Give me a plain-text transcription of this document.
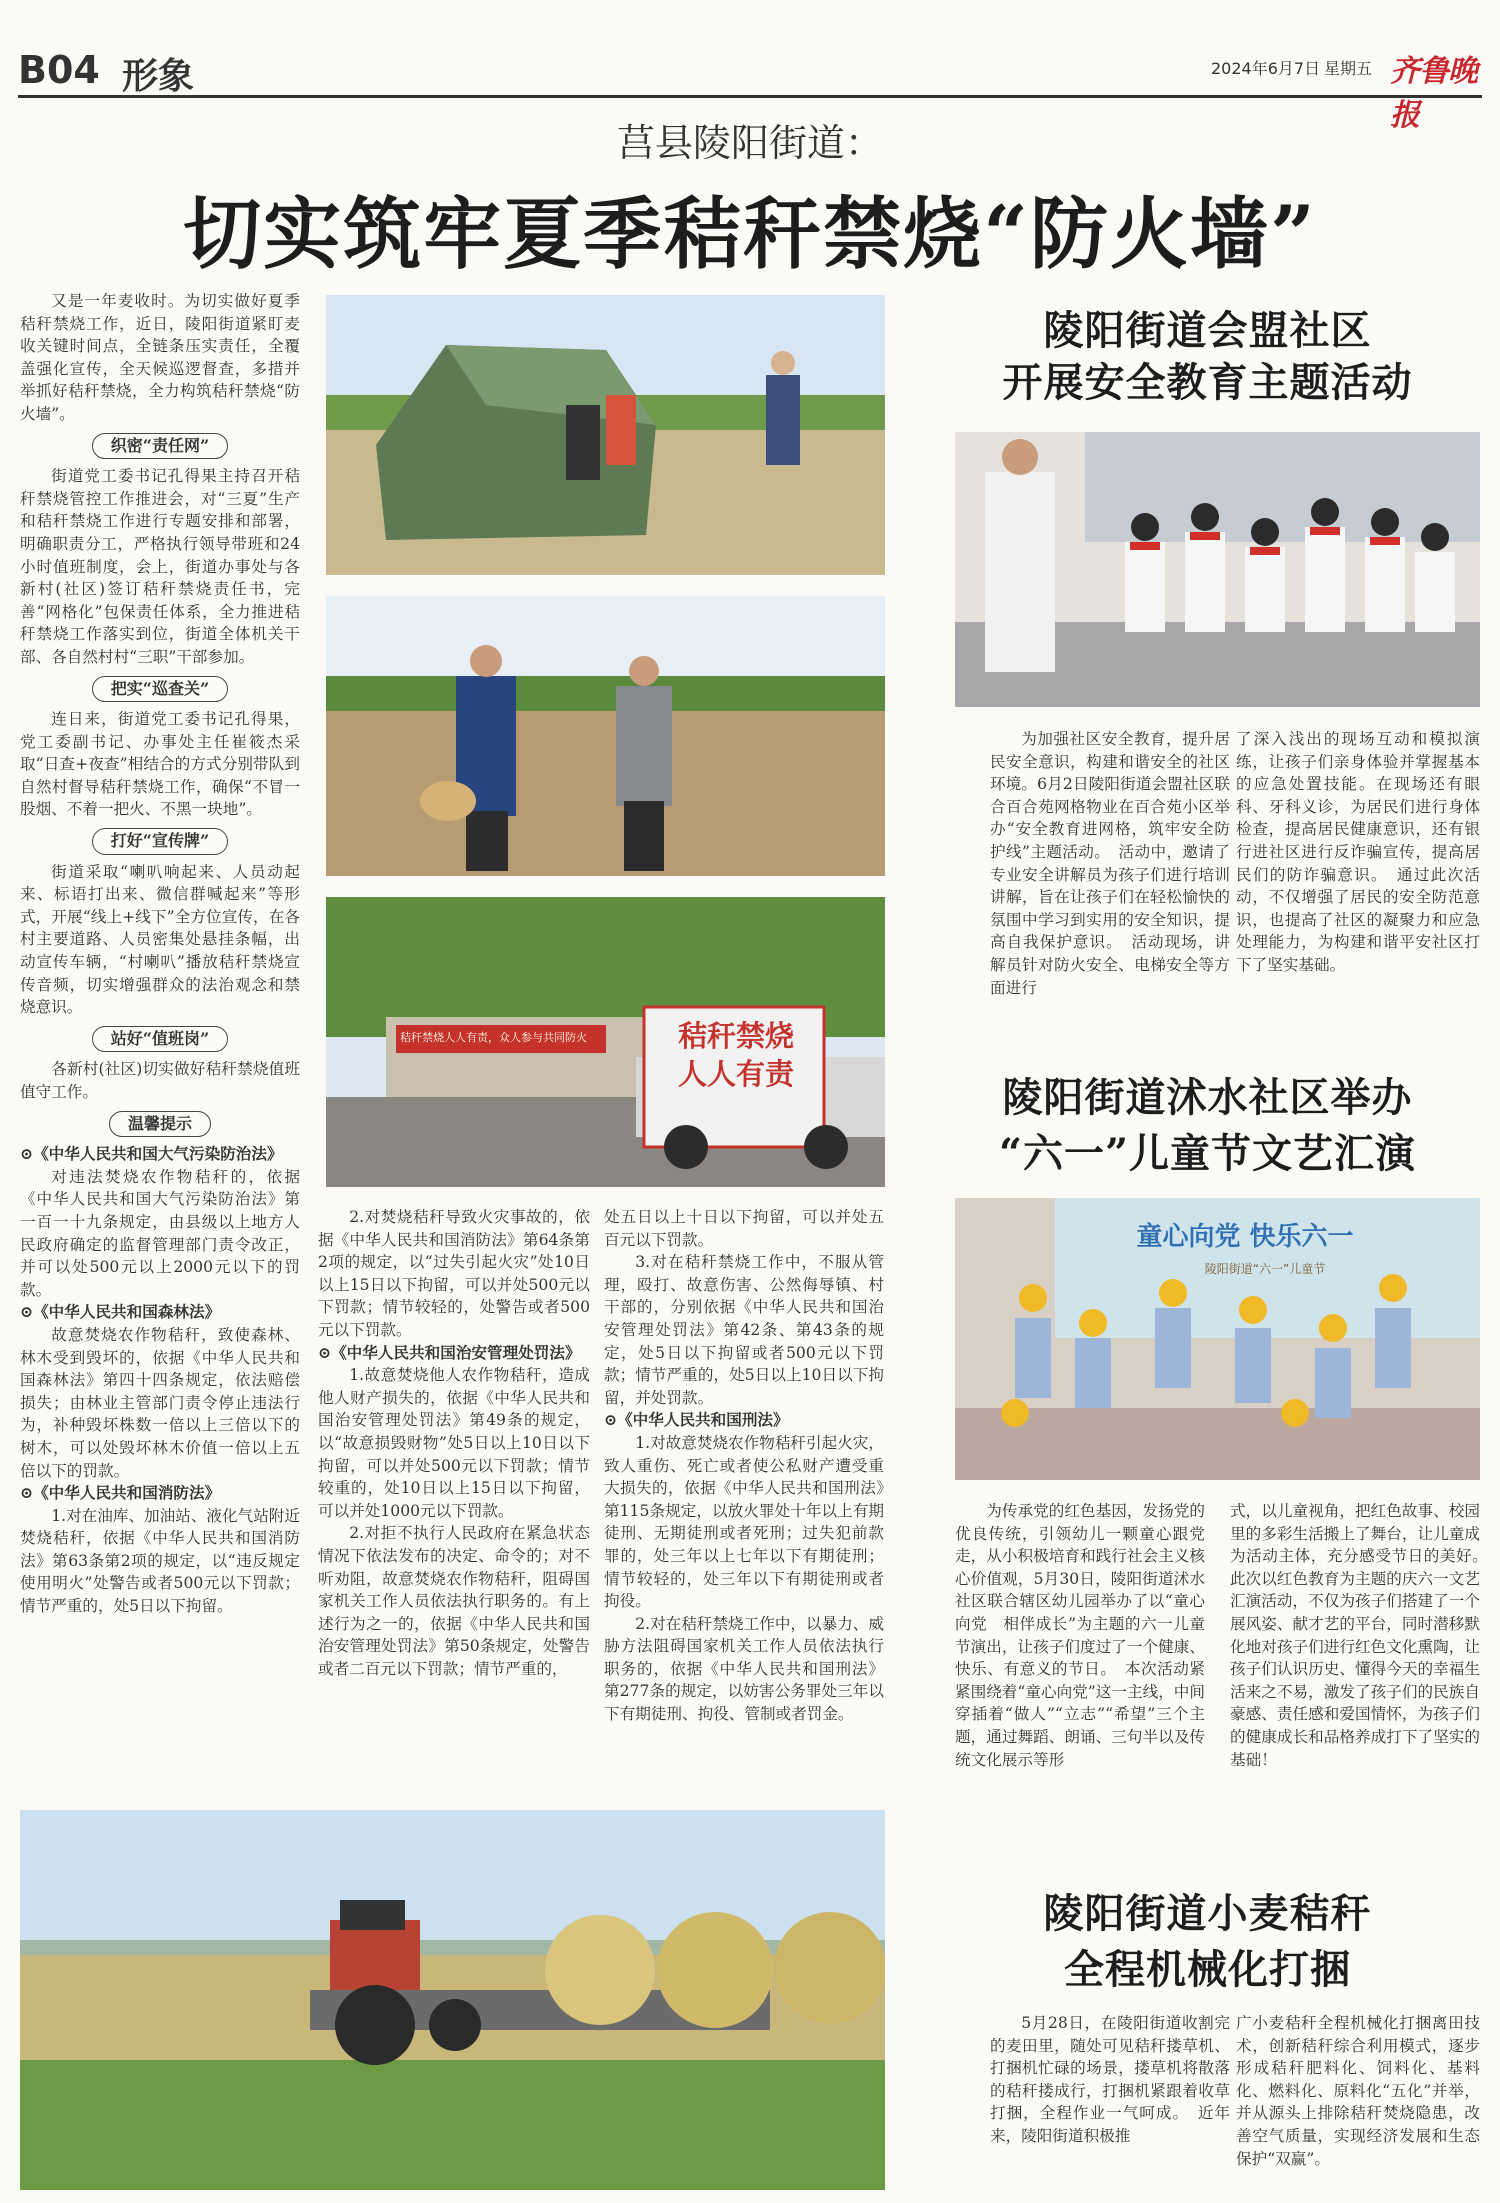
B04 形象	2024年6月7日 星期五 齐鲁晚报
莒县陵阳街道：
切实筑牢夏季秸秆禁烧“防火墙”

又是一年麦收时。为切实做好夏季秸秆禁烧工作，近日，陵阳街道紧盯麦收关键时间点，全链条压实责任，全覆盖强化宣传，全天候巡逻督查，多措并举抓好秸秆禁烧，全力构筑秸秆禁烧“防火墙”。

织密“责任网”

街道党工委书记孔得果主持召开秸秆禁烧管控工作推进会，对“三夏”生产和秸秆禁烧工作进行专题安排和部署，明确职责分工，严格执行领导带班和24小时值班制度，会上，街道办事处与各新村(社区)签订秸秆禁烧责任书，完善“网格化”包保责任体系，全力推进秸秆禁烧工作落实到位，街道全体机关干部、各自然村村“三职”干部参加。

把实“巡查关”

连日来，街道党工委书记孔得果，党工委副书记、办事处主任崔筱杰采取“日查+夜查”相结合的方式分别带队到自然村督导秸秆禁烧工作，确保“不冒一股烟、不着一把火、不黑一块地”。

打好“宣传牌”

街道采取“喇叭响起来、人员动起来、标语打出来、微信群喊起来”等形式，开展“线上+线下”全方位宣传，在各村主要道路、人员密集处悬挂条幅，出动宣传车辆，“村喇叭”播放秸秆禁烧宣传音频，切实增强群众的法治观念和禁烧意识。

站好“值班岗”

各新村(社区)切实做好秸秆禁烧值班值守工作。

温馨提示

⊙《中华人民共和国大气污染防治法》

对违法焚烧农作物秸秆的，依据《中华人民共和国大气污染防治法》第一百一十九条规定，由县级以上地方人民政府确定的监督管理部门责令改正，并可以处500元以上2000元以下的罚款。

⊙《中华人民共和国森林法》

故意焚烧农作物秸秆，致使森林、林木受到毁坏的，依据《中华人民共和国森林法》第四十四条规定，依法赔偿损失；由林业主管部门责令停止违法行为，补种毁坏株数一倍以上三倍以下的树木，可以处毁坏林木价值一倍以上五倍以下的罚款。

⊙《中华人民共和国消防法》

1.对在油库、加油站、液化气站附近焚烧秸秆，依据《中华人民共和国消防法》第63条第2项的规定，以“违反规定使用明火”处警告或者500元以下罚款；情节严重的，处5日以下拘留。

2.对焚烧秸秆导致火灾事故的，依据《中华人民共和国消防法》第64条第2项的规定，以“过失引起火灾”处10日以上15日以下拘留，可以并处500元以下罚款；情节较轻的，处警告或者500元以下罚款。

⊙《中华人民共和国治安管理处罚法》

1.故意焚烧他人农作物秸秆，造成他人财产损失的，依据《中华人民共和国治安管理处罚法》第49条的规定，以“故意损毁财物”处5日以上10日以下拘留，可以并处500元以下罚款；情节较重的，处10日以上15日以下拘留，可以并处1000元以下罚款。

2.对拒不执行人民政府在紧急状态情况下依法发布的决定、命令的；对不听劝阻，故意焚烧农作物秸秆，阻碍国家机关工作人员依法执行职务的。有上述行为之一的，依据《中华人民共和国治安管理处罚法》第50条规定，处警告或者二百元以下罚款；情节严重的，

处五日以上十日以下拘留，可以并处五百元以下罚款。

3.对在秸秆禁烧工作中，不服从管理，殴打、故意伤害、公然侮辱镇、村干部的，分别依据《中华人民共和国治安管理处罚法》第42条、第43条的规定，处5日以下拘留或者500元以下罚款；情节严重的，处5日以上10日以下拘留，并处罚款。

⊙《中华人民共和国刑法》

1.对故意焚烧农作物秸秆引起火灾，致人重伤、死亡或者使公私财产遭受重大损失的，依据《中华人民共和国刑法》第115条规定，以放火罪处十年以上有期徒刑、无期徒刑或者死刑；过失犯前款罪的，处三年以上七年以下有期徒刑；情节较轻的，处三年以下有期徒刑或者拘役。

2.对在秸秆禁烧工作中，以暴力、威胁方法阻碍国家机关工作人员依法执行职务的，依据《中华人民共和国刑法》第277条的规定，以妨害公务罪处三年以下有期徒刑、拘役、管制或者罚金。

秸秆禁烧 人人有责
秸秆禁烧人人有责，众人参与共同防火
陵阳街道会盟社区
开展安全教育主题活动

为加强社区安全教育，提升居民安全意识，构建和谐安全的社区环境。6月2日陵阳街道会盟社区联合百合苑网格物业在百合苑小区举办“安全教育进网格，筑牢安全防护线”主题活动。　活动中，邀请了专业安全讲解员为孩子们进行培训讲解，旨在让孩子们在轻松愉快的氛围中学习到实用的安全知识，提高自我保护意识。　活动现场，讲解员针对防火安全、电梯安全等方面进行

了深入浅出的现场互动和模拟演练，让孩子们亲身体验并掌握基本的应急处置技能。在现场还有眼科、牙科义诊，为居民们进行身体检查，提高居民健康意识，还有银行进社区进行反诈骗宣传，提高居民们的防诈骗意识。　通过此次活动，不仅增强了居民的安全防范意识，也提高了社区的凝聚力和应急处理能力，为构建和谐平安社区打下了坚实基础。

陵阳街道沭水社区举办
“六一”儿童节文艺汇演
童心向党 快乐六一
陵阳街道“六一”儿童节

为传承党的红色基因，发扬党的优良传统，引领幼儿一颗童心跟党走，从小积极培育和践行社会主义核心价值观，5月30日，陵阳街道沭水社区联合辖区幼儿园举办了以“童心向党　相伴成长”为主题的六一儿童节演出，让孩子们度过了一个健康、快乐、有意义的节日。　本次活动紧紧围绕着“童心向党”这一主线，中间穿插着“做人”“立志”“希望”三个主题，通过舞蹈、朗诵、三句半以及传统文化展示等形

式，以儿童视角，把红色故事、校园里的多彩生活搬上了舞台，让儿童成为活动主体，充分感受节日的美好。　此次以红色教育为主题的庆六一文艺汇演活动，不仅为孩子们搭建了一个展风姿、献才艺的平台，同时潜移默化地对孩子们进行红色文化熏陶，让孩子们认识历史、懂得今天的幸福生活来之不易，激发了孩子们的民族自豪感、责任感和爱国情怀，为孩子们的健康成长和品格养成打下了坚实的基础！

陵阳街道小麦秸秆
全程机械化打捆

5月28日，在陵阳街道收割完的麦田里，随处可见秸秆搂草机、打捆机忙碌的场景，搂草机将散落的秸秆搂成行，打捆机紧跟着收草打捆，全程作业一气呵成。　近年来，陵阳街道积极推

广小麦秸秆全程机械化打捆离田技术，创新秸秆综合利用模式，逐步形成秸秆肥料化、饲料化、基料化、燃料化、原料化“五化”并举，并从源头上排除秸秆焚烧隐患，改善空气质量，实现经济发展和生态保护“双赢”。
